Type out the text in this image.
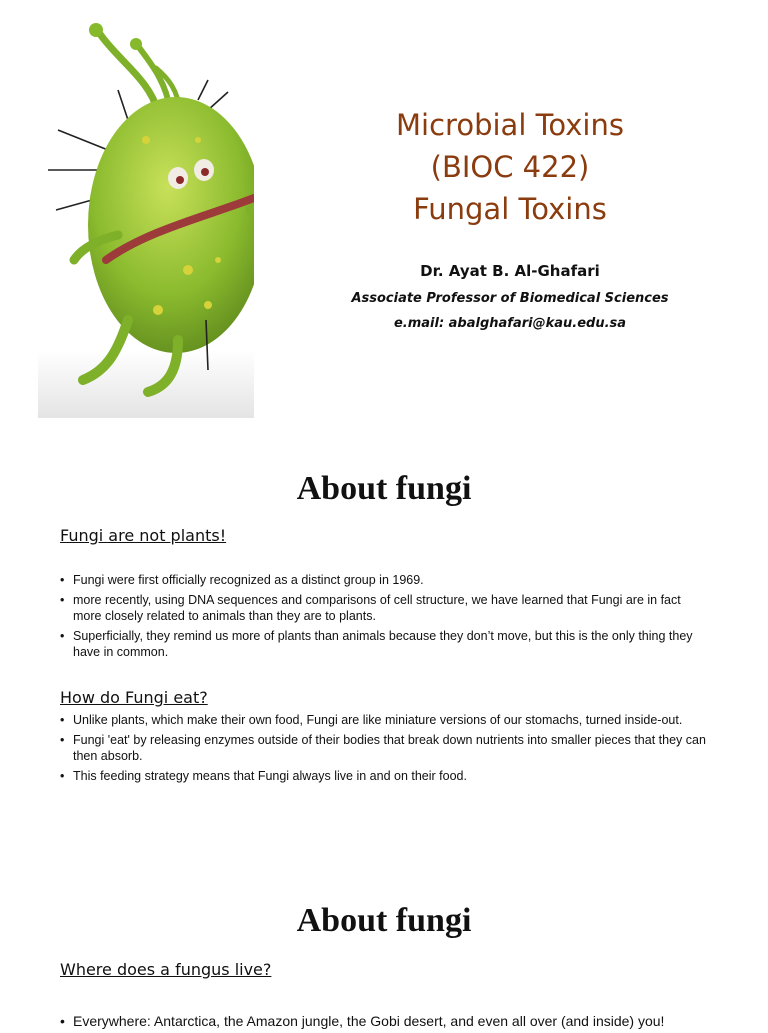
Microbial Toxins
(BIOC 422)
Fungal Toxins
Dr. Ayat B. Al-Ghafari
Associate Professor of Biomedical Sciences
e.mail: abalghafari@kau.edu.sa
About fungi
Fungi are not plants!
• Fungi were first officially recognized as a distinct group in 1969.
• more recently, using DNA sequences and comparisons of cell structure, we have learned that Fungi are in fact more closely related to animals than they are to plants.
• Superficially, they remind us more of plants than animals because they don’t move, but this is the only thing they have in common.
How do Fungi eat?
• Unlike plants, which make their own food, Fungi are like miniature versions of our stomachs, turned inside-out.
• Fungi 'eat' by releasing enzymes outside of their bodies that break down nutrients into smaller pieces that they can then absorb.
• This feeding strategy means that Fungi always live in and on their food.
About fungi
Where does a fungus live?
• Everywhere: Antarctica, the Amazon jungle, the Gobi desert, and even all over (and inside) you!
